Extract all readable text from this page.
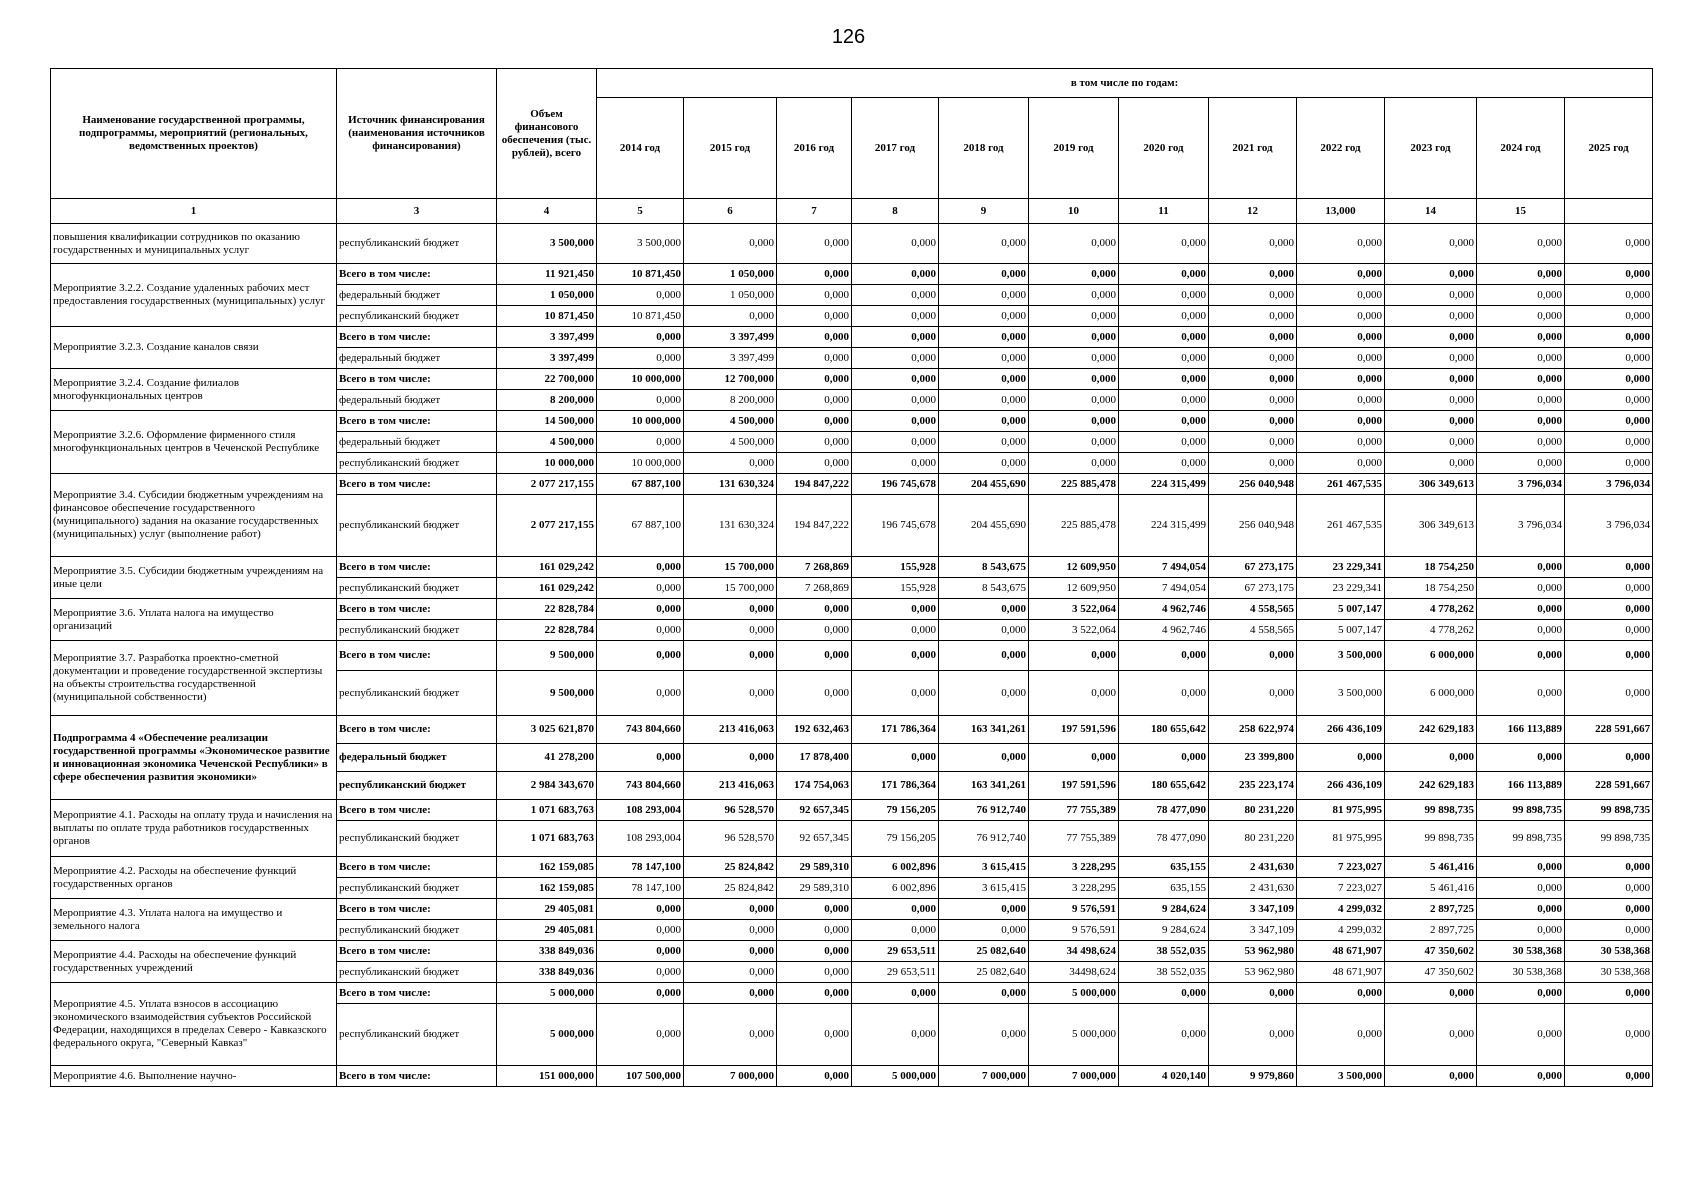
126
Наименование государственной программы, подпрограммы, мероприятий (региональных, ведомственных проектов)	Источник финансирования (наименования источников финансирования)	Объем финансового обеспечения (тыс. рублей), всего	в том числе по годам:											
			2014 год	2015 год	2016 год	2017 год	2018 год	2019 год	2020 год	2021 год	2022 год	2023 год	2024 год	2025 год
1	3	4	5	6	7	8	9	10	11	12	13,000	14	15	
повышения квалификации сотрудников по оказанию государственных и муниципальных услуг	республиканский бюджет	3 500,000	3 500,000	0,000	0,000	0,000	0,000	0,000	0,000	0,000	0,000	0,000	0,000	0,000
Мероприятие 3.2.2. Создание удаленных рабочих мест предоставления государственных (муниципальных) услуг	Всего в том числе:	11 921,450	10 871,450	1 050,000	0,000	0,000	0,000	0,000	0,000	0,000	0,000	0,000	0,000	0,000
	федеральный бюджет	1 050,000	0,000	1 050,000	0,000	0,000	0,000	0,000	0,000	0,000	0,000	0,000	0,000	0,000
	республиканский бюджет	10 871,450	10 871,450	0,000	0,000	0,000	0,000	0,000	0,000	0,000	0,000	0,000	0,000	0,000
Мероприятие 3.2.3. Создание каналов связи	Всего в том числе:	3 397,499	0,000	3 397,499	0,000	0,000	0,000	0,000	0,000	0,000	0,000	0,000	0,000	0,000
	федеральный бюджет	3 397,499	0,000	3 397,499	0,000	0,000	0,000	0,000	0,000	0,000	0,000	0,000	0,000	0,000
Мероприятие 3.2.4. Создание филиалов многофункциональных центров	Всего в том числе:	22 700,000	10 000,000	12 700,000	0,000	0,000	0,000	0,000	0,000	0,000	0,000	0,000	0,000	0,000
	федеральный бюджет	8 200,000	0,000	8 200,000	0,000	0,000	0,000	0,000	0,000	0,000	0,000	0,000	0,000	0,000
Мероприятие 3.2.6. Оформление фирменного стиля многофункциональных центров в Чеченской Республике	Всего в том числе:	14 500,000	10 000,000	4 500,000	0,000	0,000	0,000	0,000	0,000	0,000	0,000	0,000	0,000	0,000
	федеральный бюджет	4 500,000	0,000	4 500,000	0,000	0,000	0,000	0,000	0,000	0,000	0,000	0,000	0,000	0,000
	республиканский бюджет	10 000,000	10 000,000	0,000	0,000	0,000	0,000	0,000	0,000	0,000	0,000	0,000	0,000	0,000
Мероприятие 3.4. Субсидии бюджетным учреждениям на финансовое обеспечение государственного (муниципального) задания на оказание государственных (муниципальных) услуг (выполнение работ)	Всего в том числе:	2 077 217,155	67 887,100	131 630,324	194 847,222	196 745,678	204 455,690	225 885,478	224 315,499	256 040,948	261 467,535	306 349,613	3 796,034	3 796,034
	республиканский бюджет	2 077 217,155	67 887,100	131 630,324	194 847,222	196 745,678	204 455,690	225 885,478	224 315,499	256 040,948	261 467,535	306 349,613	3 796,034	3 796,034
Мероприятие 3.5. Субсидии бюджетным учреждениям на иные цели	Всего в том числе:	161 029,242	0,000	15 700,000	7 268,869	155,928	8 543,675	12 609,950	7 494,054	67 273,175	23 229,341	18 754,250	0,000	0,000
	республиканский бюджет	161 029,242	0,000	15 700,000	7 268,869	155,928	8 543,675	12 609,950	7 494,054	67 273,175	23 229,341	18 754,250	0,000	0,000
Мероприятие 3.6. Уплата налога на имущество организаций	Всего в том числе:	22 828,784	0,000	0,000	0,000	0,000	0,000	3 522,064	4 962,746	4 558,565	5 007,147	4 778,262	0,000	0,000
	республиканский бюджет	22 828,784	0,000	0,000	0,000	0,000	0,000	3 522,064	4 962,746	4 558,565	5 007,147	4 778,262	0,000	0,000
Мероприятие 3.7. Разработка проектно-сметной документации и проведение государственной экспертизы на объекты строительства государственной (муниципальной собственности)	Всего в том числе:	9 500,000	0,000	0,000	0,000	0,000	0,000	0,000	0,000	0,000	3 500,000	6 000,000	0,000	0,000
	республиканский бюджет	9 500,000	0,000	0,000	0,000	0,000	0,000	0,000	0,000	0,000	3 500,000	6 000,000	0,000	0,000
Подпрограмма 4 «Обеспечение реализации государственной программы «Экономическое развитие и инновационная экономика Чеченской Республики» в сфере обеспечения развития экономики»	Всего в том числе:	3 025 621,870	743 804,660	213 416,063	192 632,463	171 786,364	163 341,261	197 591,596	180 655,642	258 622,974	266 436,109	242 629,183	166 113,889	228 591,667
	федеральный бюджет	41 278,200	0,000	0,000	17 878,400	0,000	0,000	0,000	0,000	23 399,800	0,000	0,000	0,000	0,000
	республиканский бюджет	2 984 343,670	743 804,660	213 416,063	174 754,063	171 786,364	163 341,261	197 591,596	180 655,642	235 223,174	266 436,109	242 629,183	166 113,889	228 591,667
Мероприятие 4.1. Расходы на оплату труда и начисления на выплаты по оплате труда работников государственных органов	Всего в том числе:	1 071 683,763	108 293,004	96 528,570	92 657,345	79 156,205	76 912,740	77 755,389	78 477,090	80 231,220	81 975,995	99 898,735	99 898,735	99 898,735
	республиканский бюджет	1 071 683,763	108 293,004	96 528,570	92 657,345	79 156,205	76 912,740	77 755,389	78 477,090	80 231,220	81 975,995	99 898,735	99 898,735	99 898,735
Мероприятие 4.2. Расходы на обеспечение функций государственных органов	Всего в том числе:	162 159,085	78 147,100	25 824,842	29 589,310	6 002,896	3 615,415	3 228,295	635,155	2 431,630	7 223,027	5 461,416	0,000	0,000
	республиканский бюджет	162 159,085	78 147,100	25 824,842	29 589,310	6 002,896	3 615,415	3 228,295	635,155	2 431,630	7 223,027	5 461,416	0,000	0,000
Мероприятие 4.3. Уплата налога на имущество и земельного налога	Всего в том числе:	29 405,081	0,000	0,000	0,000	0,000	0,000	9 576,591	9 284,624	3 347,109	4 299,032	2 897,725	0,000	0,000
	республиканский бюджет	29 405,081	0,000	0,000	0,000	0,000	0,000	9 576,591	9 284,624	3 347,109	4 299,032	2 897,725	0,000	0,000
Мероприятие 4.4. Расходы на обеспечение функций государственных учреждений	Всего в том числе:	338 849,036	0,000	0,000	0,000	29 653,511	25 082,640	34 498,624	38 552,035	53 962,980	48 671,907	47 350,602	30 538,368	30 538,368
	республиканский бюджет	338 849,036	0,000	0,000	0,000	29 653,511	25 082,640	34498,624	38 552,035	53 962,980	48 671,907	47 350,602	30 538,368	30 538,368
Мероприятие 4.5. Уплата взносов в ассоциацию экономического взаимодействия субъектов Российской Федерации, находящихся в пределах Северо - Кавказского федерального округа, "Северный Кавказ"	Всего в том числе:	5 000,000	0,000	0,000	0,000	0,000	0,000	5 000,000	0,000	0,000	0,000	0,000	0,000	0,000
	республиканский бюджет	5 000,000	0,000	0,000	0,000	0,000	0,000	5 000,000	0,000	0,000	0,000	0,000	0,000	0,000
Мероприятие 4.6. Выполнение научно-	Всего в том числе:	151 000,000	107 500,000	7 000,000	0,000	5 000,000	7 000,000	7 000,000	4 020,140	9 979,860	3 500,000	0,000	0,000	0,000
